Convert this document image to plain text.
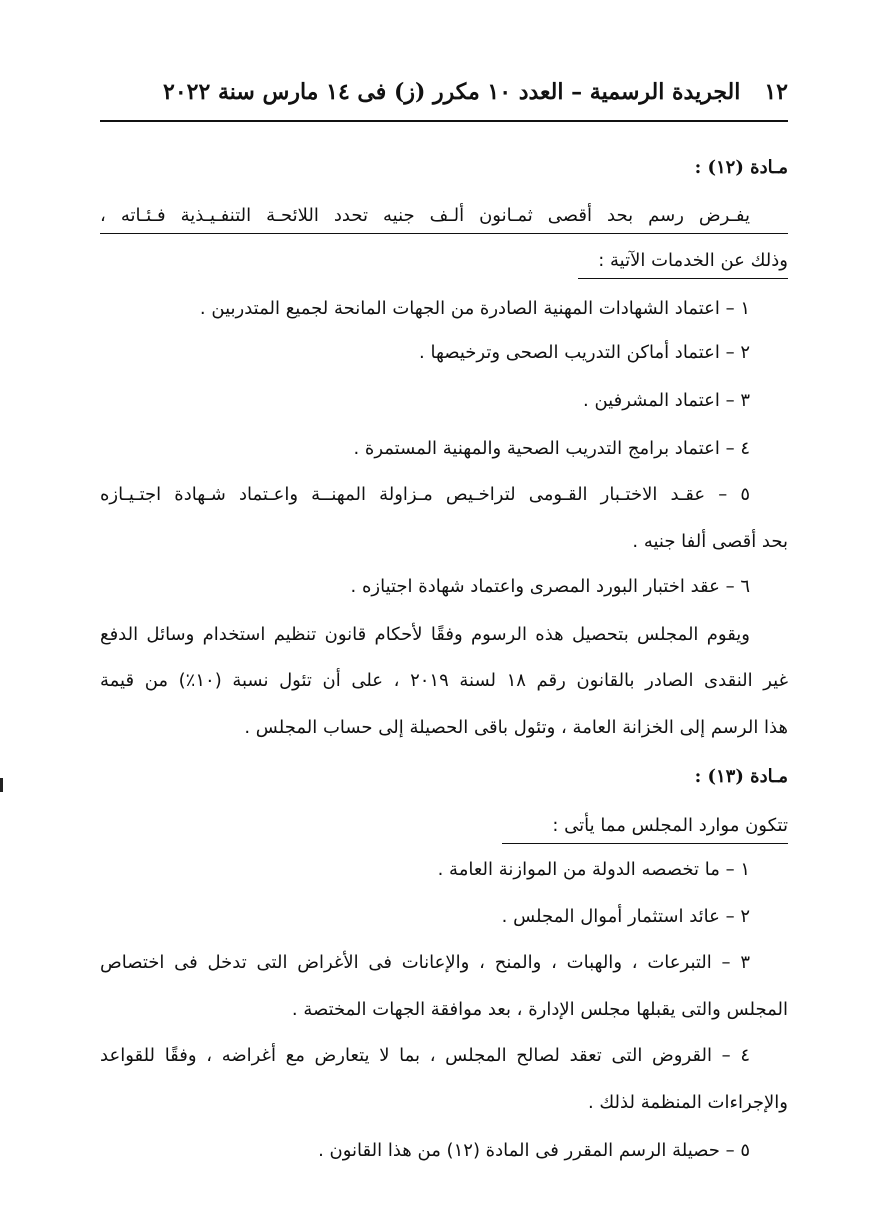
١٢
الجريدة الرسمية – العدد ١٠ مكرر (ز) فى ١٤ مارس سنة ٢٠٢٢
مـادة (١٢) :
يفـرض رسم بحد أقصى ثمـانون ألـف جنيه تحدد اللائحـة التنفـيـذية فـئـاته ،
وذلك عن الخدمات الآتية :
١ – اعتماد الشهادات المهنية الصادرة من الجهات المانحة لجميع المتدربين .
٢ – اعتماد أماكن التدريب الصحى وترخيصها .
٣ – اعتماد المشرفين .
٤ – اعتماد برامج التدريب الصحية والمهنية المستمرة .
٥ – عقـد الاختـبار القـومى لتراخـيص مـزاولة المهنــة واعـتماد شـهادة اجتـيـازه
بحد أقصى ألفا جنيه .
٦ – عقد اختبار البورد المصرى واعتماد شهادة اجتيازه .
ويقوم المجلس بتحصيل هذه الرسوم وفقًا لأحكام قانون تنظيم استخدام وسائل الدفع
غير النقدى الصادر بالقانون رقم ١٨ لسنة ٢٠١٩ ، على أن تئول نسبة (١٠٪) من قيمة
هذا الرسم إلى الخزانة العامة ، وتئول باقى الحصيلة إلى حساب المجلس .
مـادة (١٣) :
تتكون موارد المجلس مما يأتى :
١ – ما تخصصه الدولة من الموازنة العامة .
٢ – عائد استثمار أموال المجلس .
٣ – التبرعات ، والهبات ، والمنح ، والإعانات فى الأغراض التى تدخل فى اختصاص
المجلس والتى يقبلها مجلس الإدارة ، بعد موافقة الجهات المختصة .
٤ – القروض التى تعقد لصالح المجلس ، بما لا يتعارض مع أغراضه ، وفقًا للقواعد
والإجراءات المنظمة لذلك .
٥ – حصيلة الرسم المقرر فى المادة (١٢) من هذا القانون .
